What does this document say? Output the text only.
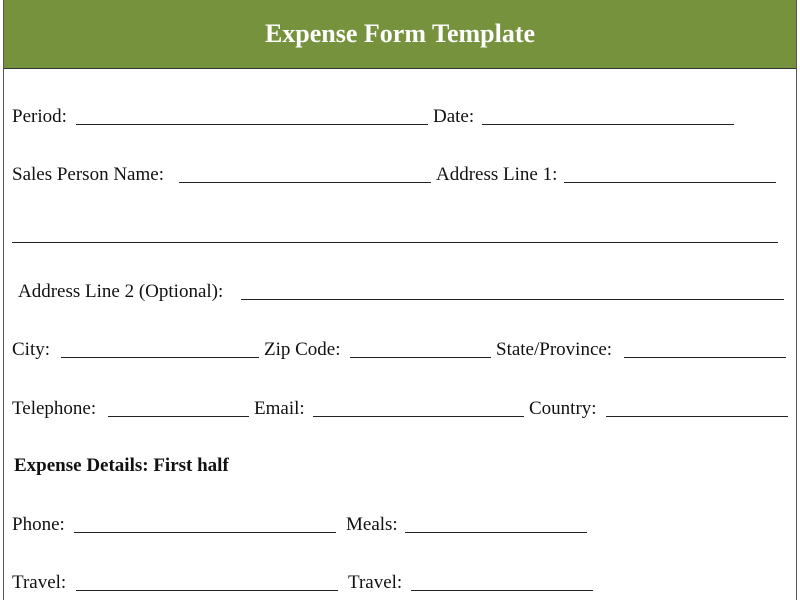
Expense Form Template
Period:	Date:
Sales Person Name:	Address Line 1:
Address Line 2 (Optional):
City:	Zip Code:	State/Province:
Telephone:	Email:	Country:
Expense Details: First half
Phone:	Meals:
Travel:	Travel:
